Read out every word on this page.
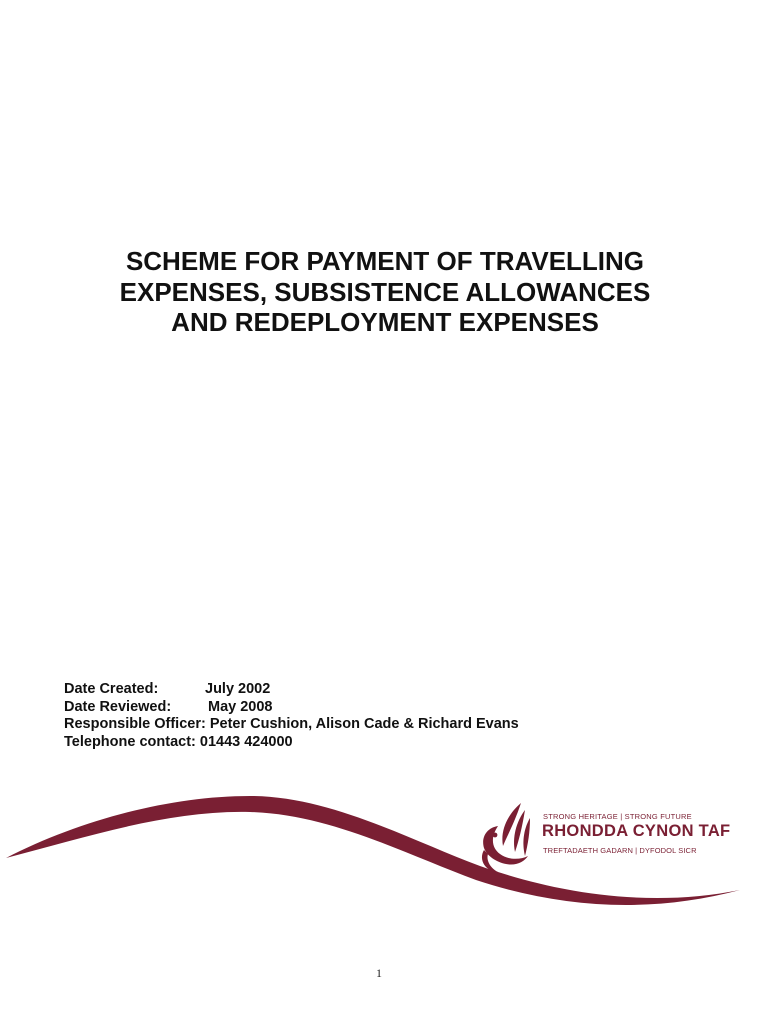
SCHEME FOR PAYMENT OF TRAVELLING
EXPENSES, SUBSISTENCE ALLOWANCES
AND REDEPLOYMENT EXPENSES
Date Created:	July 2002
Date Reviewed:	May 2008
Responsible Officer: Peter Cushion, Alison Cade & Richard Evans
Telephone contact: 01443 424000
STRONG HERITAGE | STRONG FUTURE
RHONDDA CYNON TAF
TREFTADAETH GADARN | DYFODOL SICR
1
